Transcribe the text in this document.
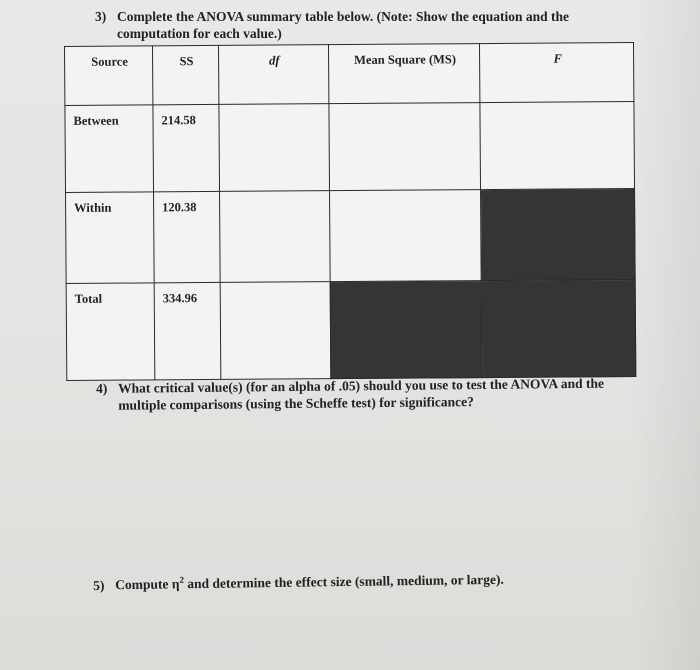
3) Complete the ANOVA summary table below. (Note: Show the equation and the
computation for each value.)
Source	SS	df	Mean Square (MS)	F
Between	214.58			
Within	120.38			
Total	334.96			
4) What critical value(s) (for an alpha of .05) should you use to test the ANOVA and the
multiple comparisons (using the Scheffe test) for significance?
5) Compute $\eta^2$ and determine the effect size (small, medium, or large).
